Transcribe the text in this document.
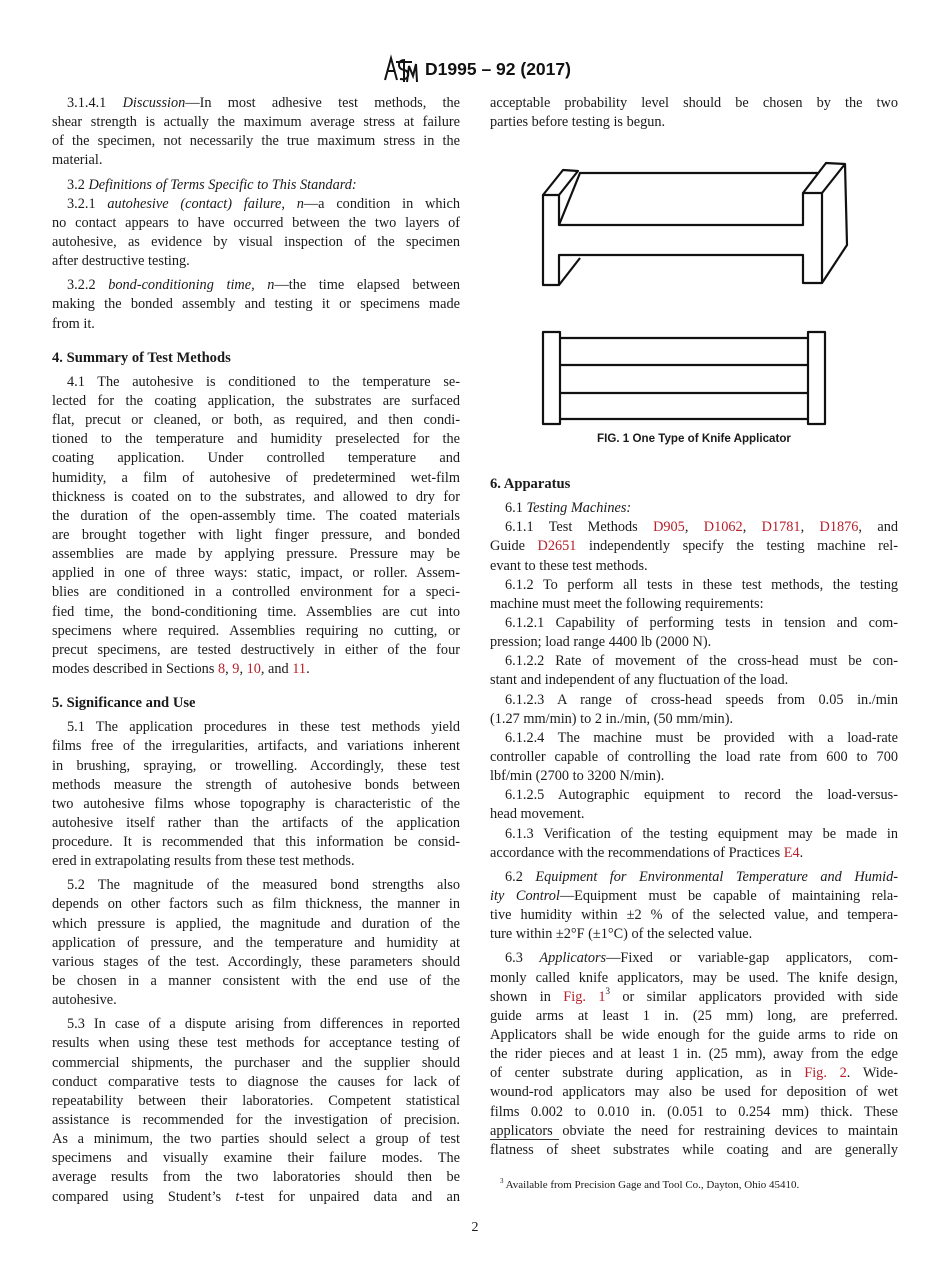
D1995 – 92 (2017)
3.1.4.1 Discussion—In most adhesive test methods, the
shear strength is actually the maximum average stress at failure
of the specimen, not necessarily the true maximum stress in the
material.
3.2 Definitions of Terms Specific to This Standard:
3.2.1 autohesive (contact) failure, n—a condition in which
no contact appears to have occurred between the two layers of
autohesive, as evidence by visual inspection of the specimen
after destructive testing.
3.2.2 bond-conditioning time, n—the time elapsed between
making the bonded assembly and testing it or specimens made
from it.
4. Summary of Test Methods
4.1 The autohesive is conditioned to the temperature se-
lected for the coating application, the substrates are surfaced
flat, precut or cleaned, or both, as required, and then condi-
tioned to the temperature and humidity preselected for the
coating application. Under controlled temperature and
humidity, a film of autohesive of predetermined wet-film
thickness is coated on to the substrates, and allowed to dry for
the duration of the open-assembly time. The coated materials
are brought together with light finger pressure, and bonded
assemblies are made by applying pressure. Pressure may be
applied in one of three ways: static, impact, or roller. Assem-
blies are conditioned in a controlled environment for a speci-
fied time, the bond-conditioning time. Assemblies are cut into
specimens where required. Assemblies requiring no cutting, or
precut specimens, are tested destructively in either of the four
modes described in Sections 8, 9, 10, and 11.
5. Significance and Use
5.1 The application procedures in these test methods yield
films free of the irregularities, artifacts, and variations inherent
in brushing, spraying, or trowelling. Accordingly, these test
methods measure the strength of autohesive bonds between
two autohesive films whose topography is characteristic of the
autohesive itself rather than the artifacts of the application
procedure. It is recommended that this information be consid-
ered in extrapolating results from these test methods.
5.2 The magnitude of the measured bond strengths also
depends on other factors such as film thickness, the manner in
which pressure is applied, the magnitude and duration of the
application of pressure, and the temperature and humidity at
various stages of the test. Accordingly, these parameters should
be chosen in a manner consistent with the end use of the
autohesive.
5.3 In case of a dispute arising from differences in reported
results when using these test methods for acceptance testing of
commercial shipments, the purchaser and the supplier should
conduct comparative tests to diagnose the causes for lack of
repeatability between their laboratories. Competent statistical
assistance is recommended for the investigation of precision.
As a minimum, the two parties should select a group of test
specimens and visually examine their failure modes. The
average results from the two laboratories should then be
compared using Student’s t-test for unpaired data and an
acceptable probability level should be chosen by the two
parties before testing is begun.
FIG. 1 One Type of Knife Applicator
6. Apparatus
6.1 Testing Machines:
6.1.1 Test Methods D905, D1062, D1781, D1876, and
Guide D2651 independently specify the testing machine rel-
evant to these test methods.
6.1.2 To perform all tests in these test methods, the testing
machine must meet the following requirements:
6.1.2.1 Capability of performing tests in tension and com-
pression; load range 4400 lb (2000 N).
6.1.2.2 Rate of movement of the cross-head must be con-
stant and independent of any fluctuation of the load.
6.1.2.3 A range of cross-head speeds from 0.05 in./min
(1.27 mm/min) to 2 in./min, (50 mm/min).
6.1.2.4 The machine must be provided with a load-rate
controller capable of controlling the load rate from 600 to 700
lbf/min (2700 to 3200 N/min).
6.1.2.5 Autographic equipment to record the load-versus-
head movement.
6.1.3 Verification of the testing equipment may be made in
accordance with the recommendations of Practices E4.
6.2 Equipment for Environmental Temperature and Humid-
ity Control—Equipment must be capable of maintaining rela-
tive humidity within ±2 % of the selected value, and tempera-
ture within ±2°F (±1°C) of the selected value.
6.3 Applicators—Fixed or variable-gap applicators, com-
monly called knife applicators, may be used. The knife design,
shown in Fig. $1^3$ or similar applicators provided with side
guide arms at least 1 in. (25 mm) long, are preferred.
Applicators shall be wide enough for the guide arms to ride on
the rider pieces and at least 1 in. (25 mm), away from the edge
of center substrate during application, as in Fig. 2. Wide-
wound-rod applicators may also be used for deposition of wet
films 0.002 to 0.010 in. (0.051 to 0.254 mm) thick. These
applicators obviate the need for restraining devices to maintain
flatness of sheet substrates while coating and are generally
$^3$ Available from Precision Gage and Tool Co., Dayton, Ohio 45410.
2
